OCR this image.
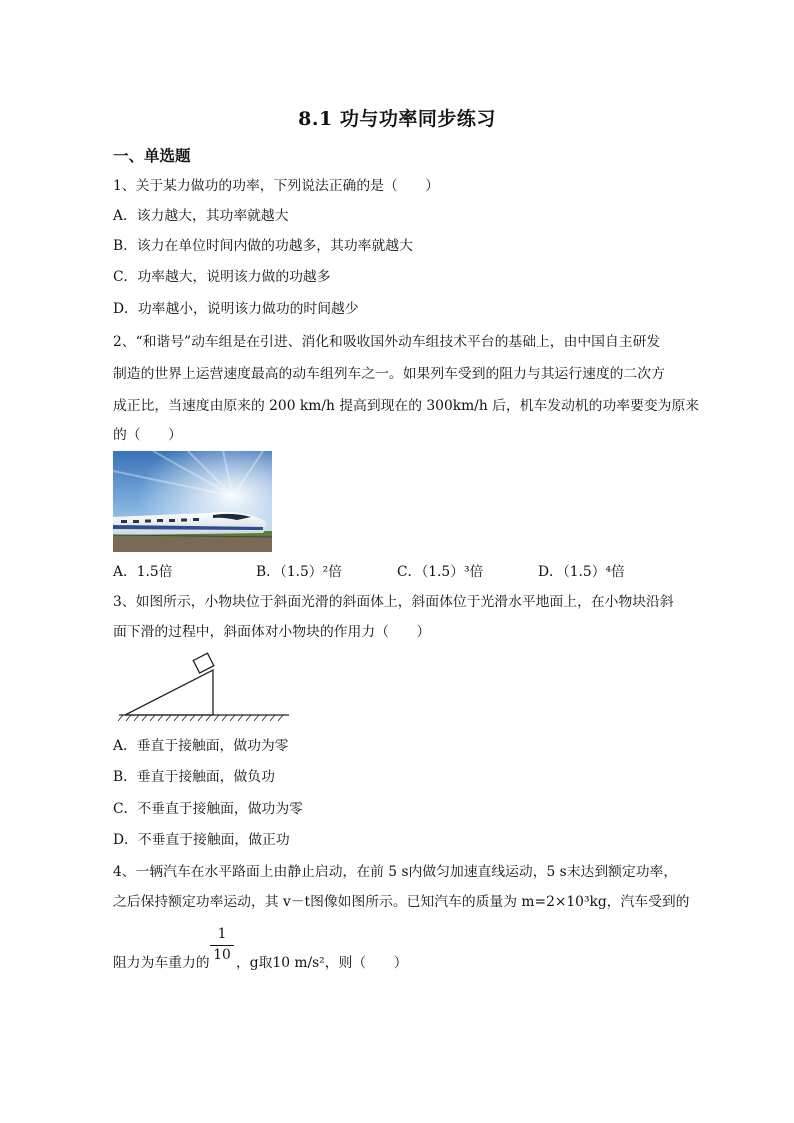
8.1 功与功率同步练习
一、单选题
1、关于某力做功的功率，下列说法正确的是（　　）
A．该力越大，其功率就越大
B．该力在单位时间内做的功越多，其功率就越大
C．功率越大，说明该力做的功越多
D．功率越小，说明该力做功的时间越少
2、“和谐号”动车组是在引进、消化和吸收国外动车组技术平台的基础上，由中国自主研发
制造的世界上运营速度最高的动车组列车之一。如果列车受到的阻力与其运行速度的二次方
成正比，当速度由原来的 200 km/h 提高到现在的 300km/h 后，机车发动机的功率要变为原来
的（　　）
A．1.5倍	B．（1.5）²倍	C．（1.5）³倍	D．（1.5）⁴倍
3、如图所示，小物块位于斜面光滑的斜面体上，斜面体位于光滑水平地面上，在小物块沿斜
面下滑的过程中，斜面体对小物块的作用力（　　）
A．垂直于接触面，做功为零
B．垂直于接触面，做负功
C．不垂直于接触面，做功为零
D．不垂直于接触面，做正功
4、一辆汽车在水平路面上由静止启动，在前 5 s内做匀加速直线运动，5 s末达到额定功率，
之后保持额定功率运动，其 v－t图像如图所示。已知汽车的质量为 m=2×10³kg，汽车受到的
阻力为车重力的
1
10 ，g取10 m/s²，则（　　）
